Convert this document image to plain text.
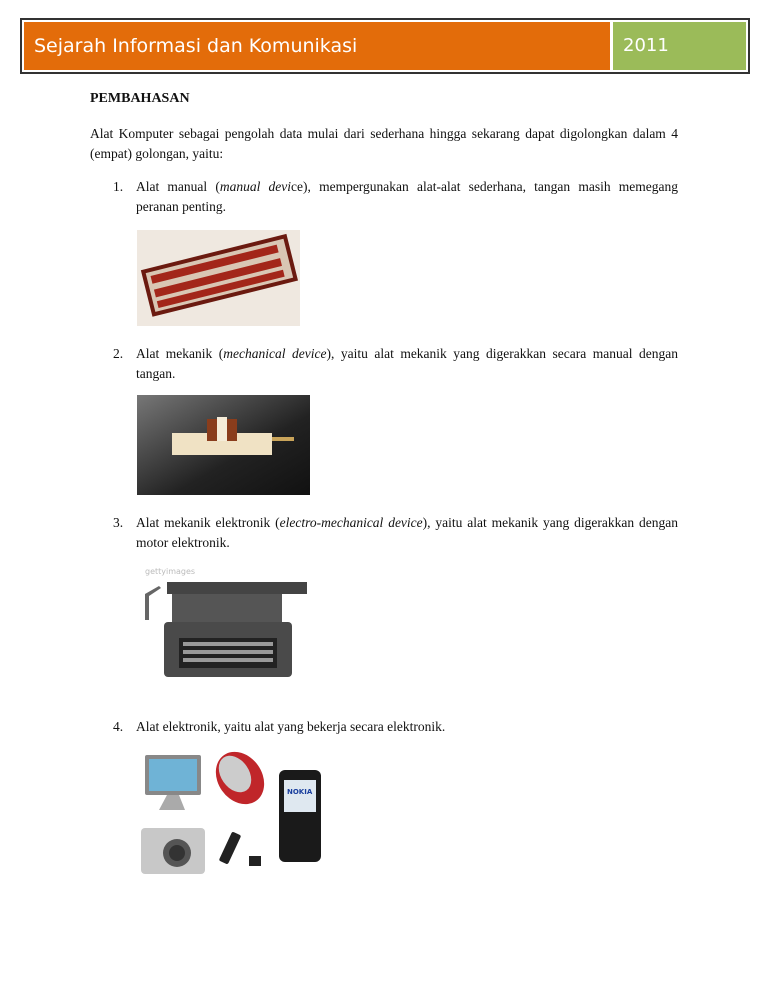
Sejarah Informasi dan Komunikasi	2011
PEMBAHASAN
Alat Komputer sebagai pengolah data mulai dari sederhana hingga sekarang dapat digolongkan dalam 4 (empat) golongan, yaitu:
1. Alat manual (manual device), mempergunakan alat-alat sederhana, tangan masih memegang peranan penting.
2. Alat mekanik (mechanical device), yaitu alat mekanik yang digerakkan secara manual dengan tangan.
3. Alat mekanik elektronik (electro-mechanical device), yaitu alat mekanik yang digerakkan dengan motor elektronik.
gettyimages
4. Alat elektronik, yaitu alat yang bekerja secara elektronik.
NOKIA
